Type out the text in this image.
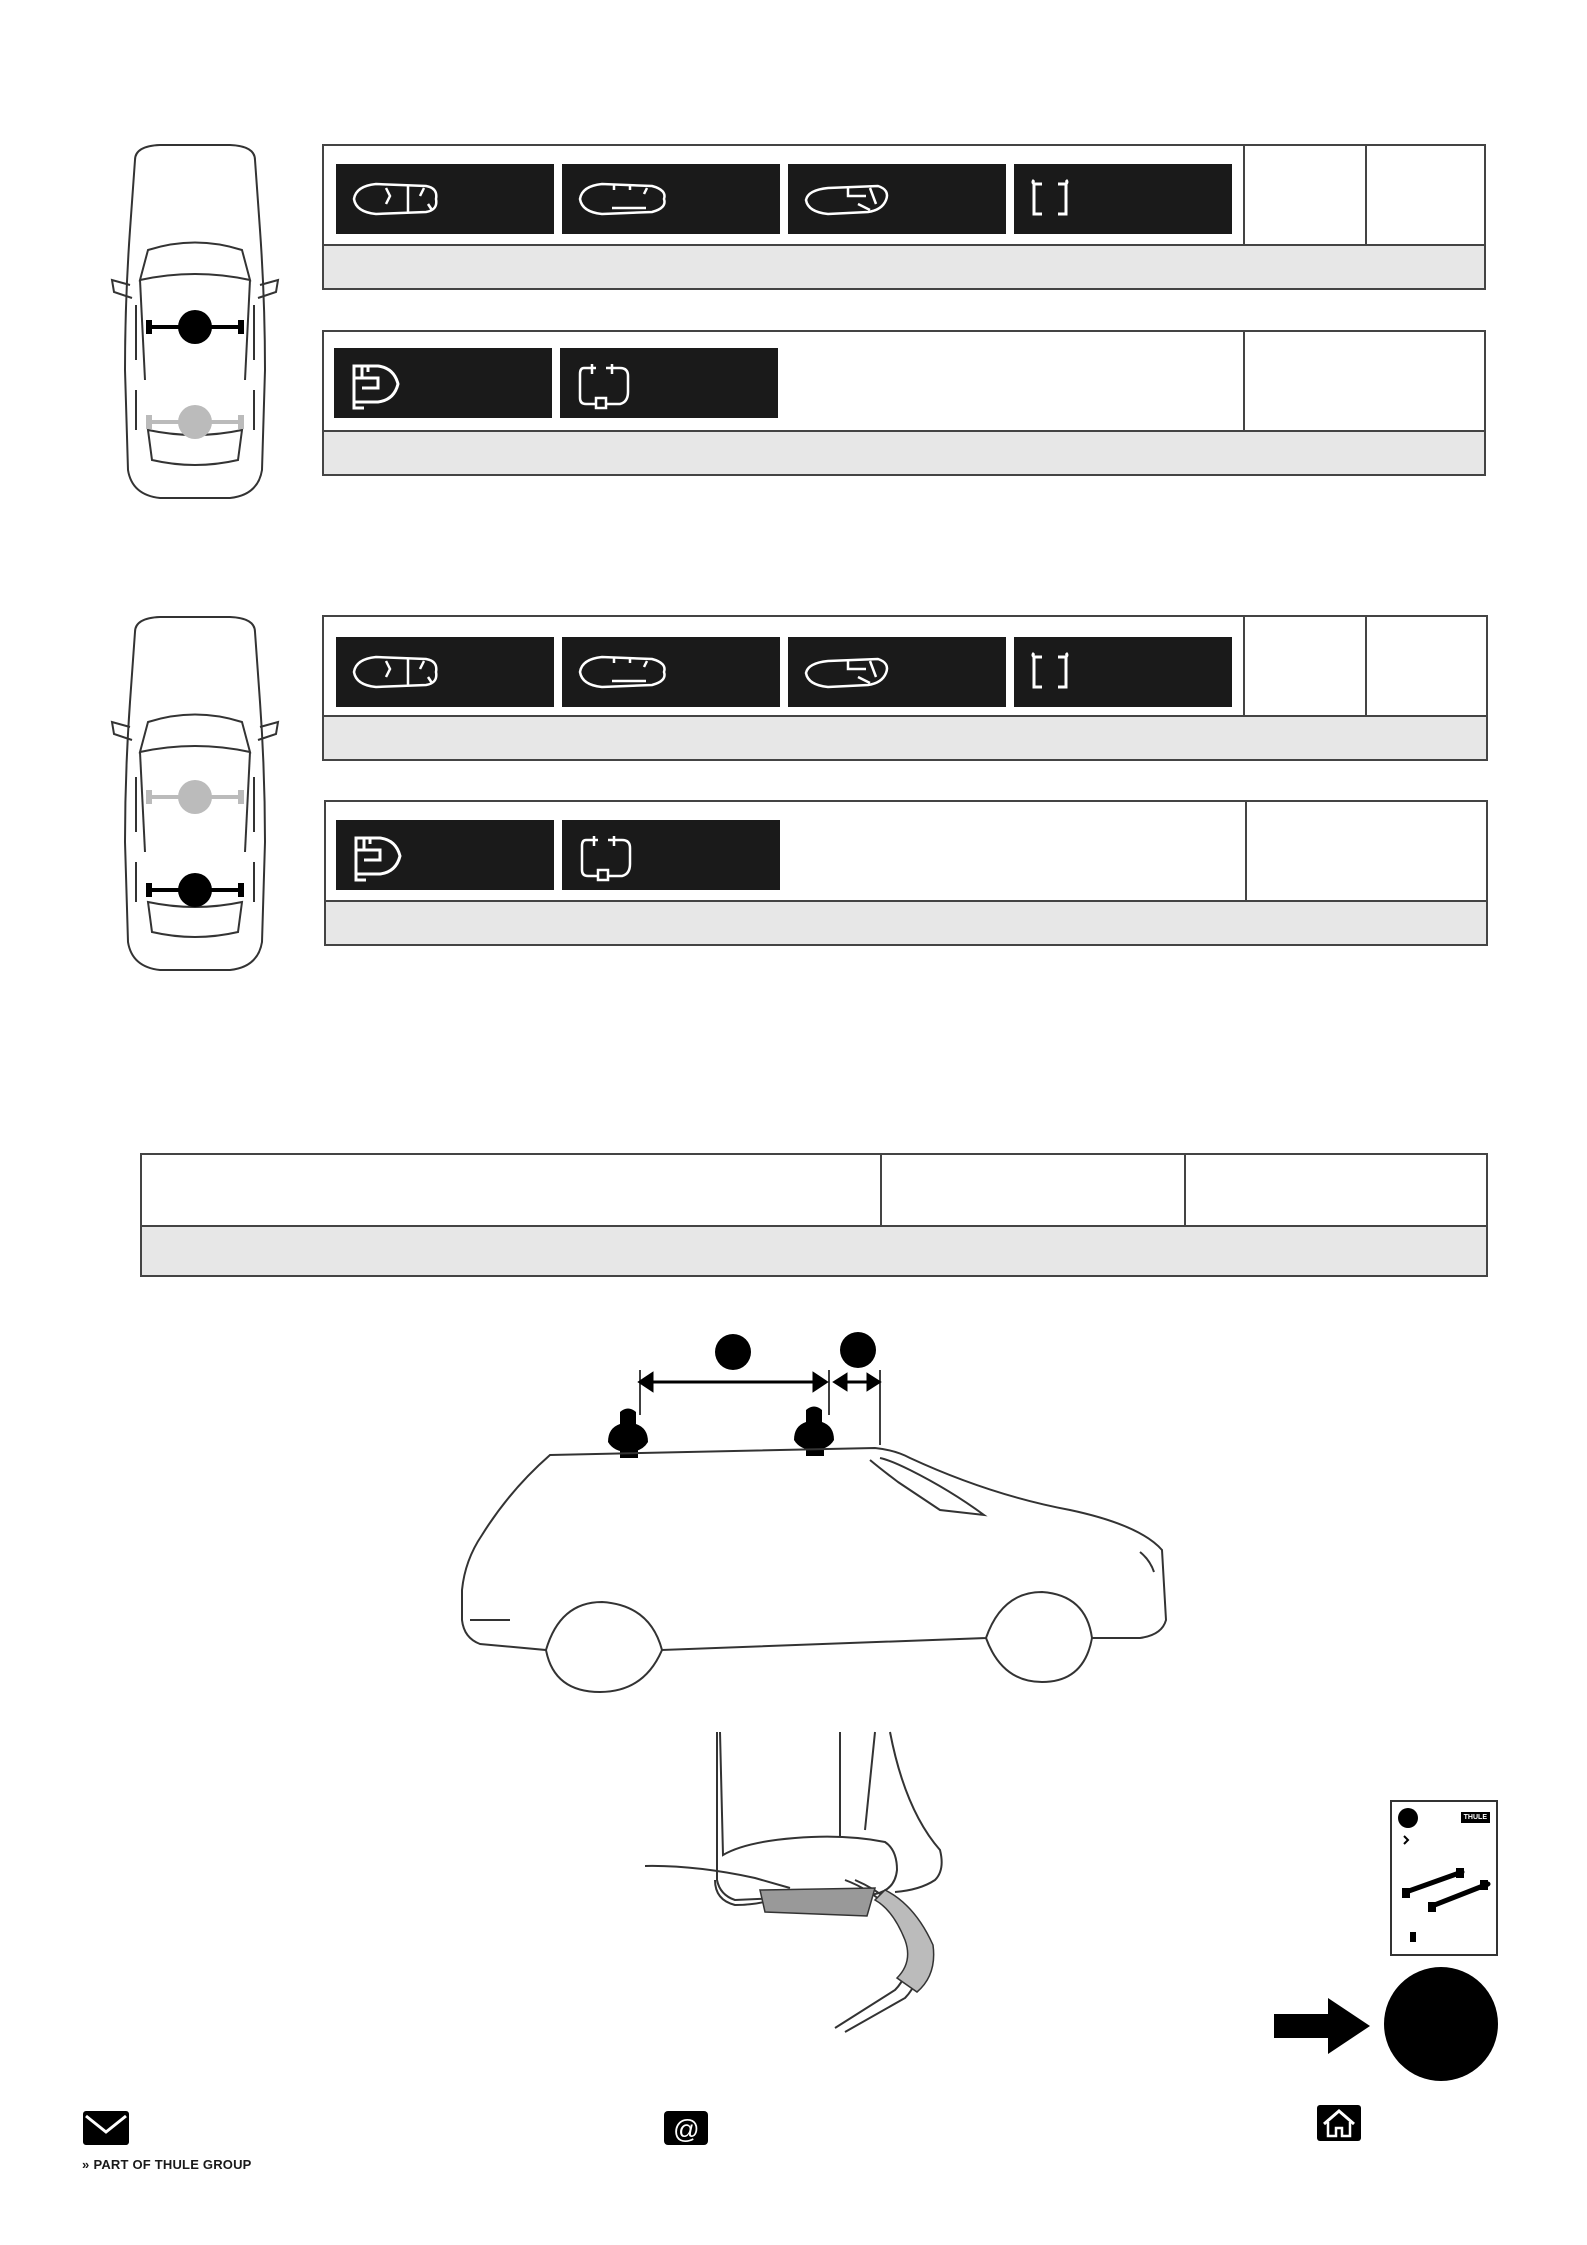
THULE
» PART OF THULE GROUP
@
